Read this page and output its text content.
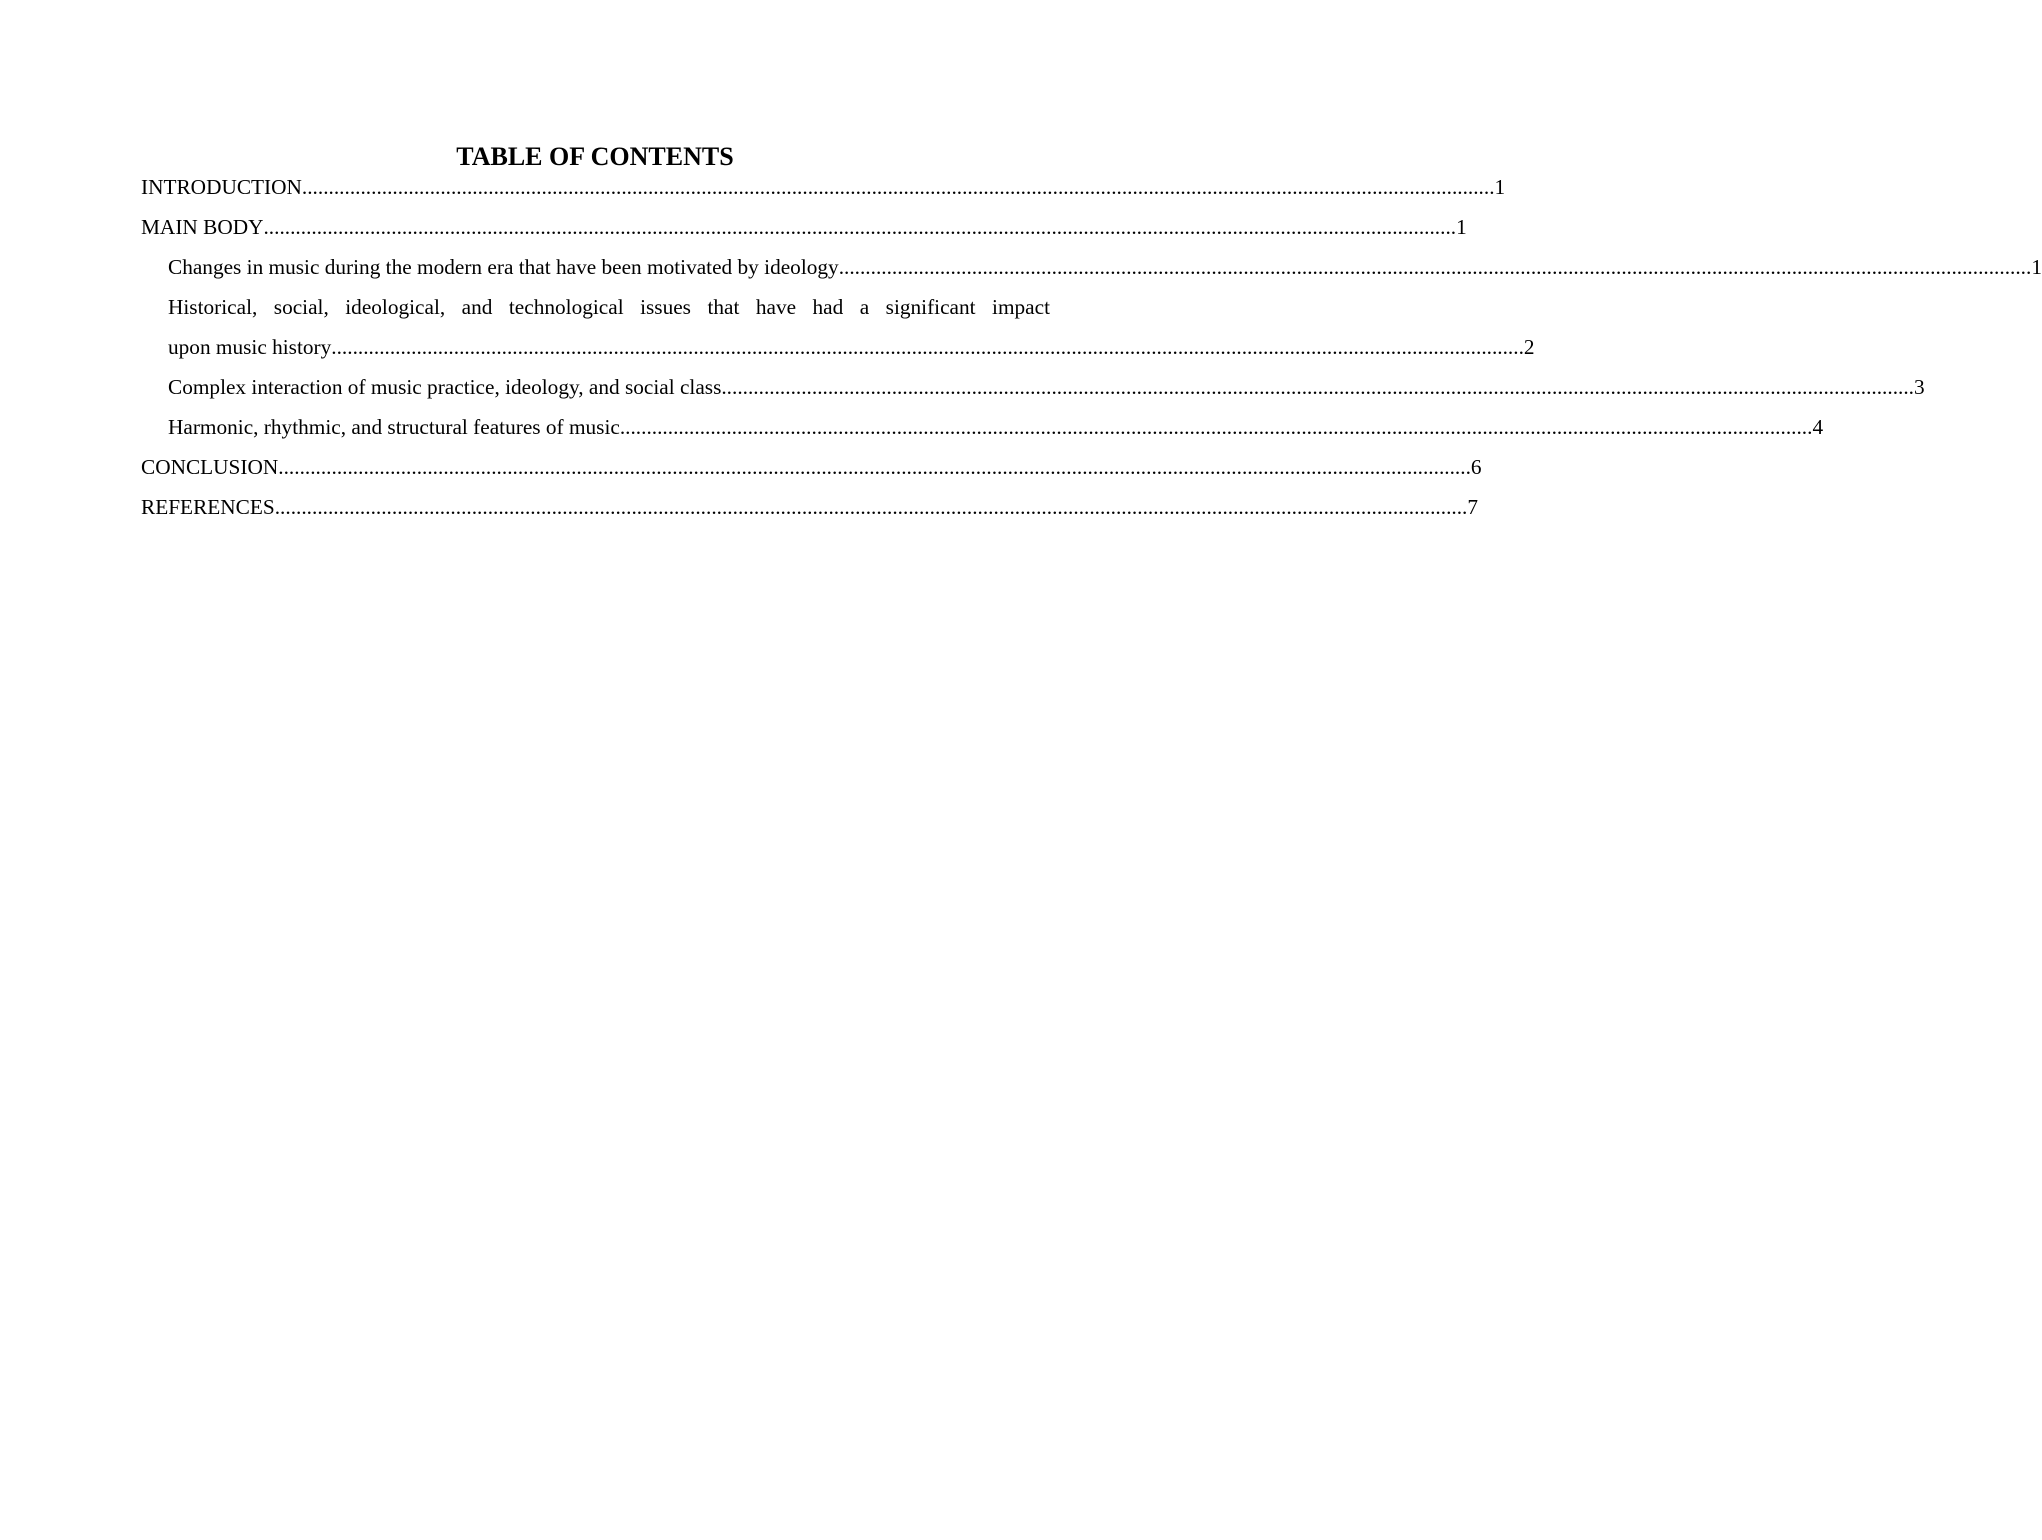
TABLE OF CONTENTS
INTRODUCTION ................................................................................................................................................................................................................................ 1
MAIN BODY ................................................................................................................................................................................................................................ 1
Changes in music during the modern era that have been motivated by ideology ................................................................................................................................................................................................................................ 1
Historical, social, ideological, and technological issues that have had a significant impact
upon music history ................................................................................................................................................................................................................................ 2
Complex interaction of music practice, ideology, and social class ................................................................................................................................................................................................................................ 3
Harmonic, rhythmic, and structural features of music ................................................................................................................................................................................................................................ 4
CONCLUSION ................................................................................................................................................................................................................................ 6
REFERENCES ................................................................................................................................................................................................................................ 7
